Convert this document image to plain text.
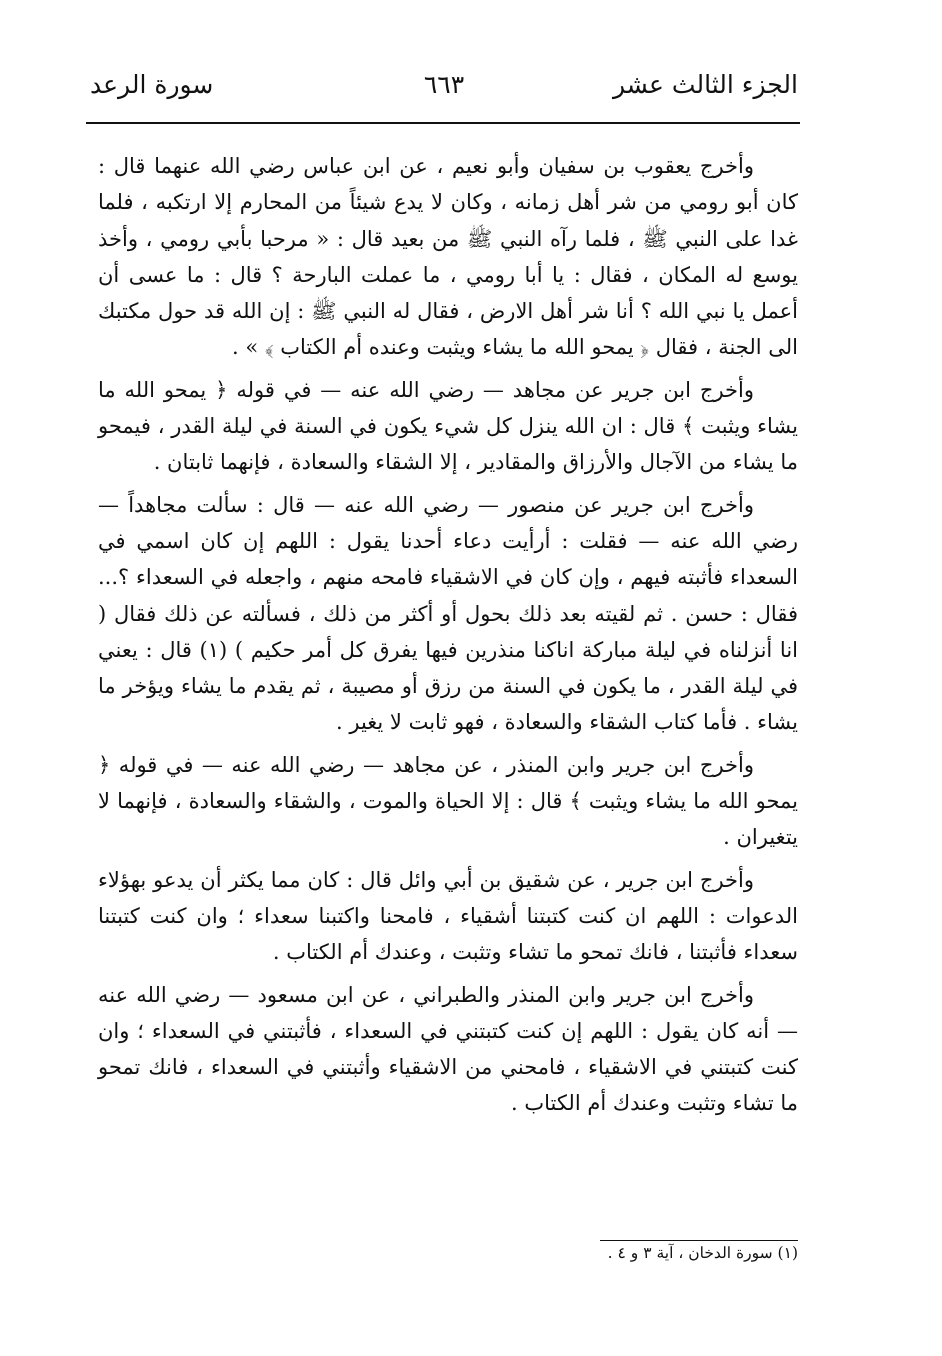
الجزء الثالث عشر
٦٦٣
سورة الرعد

وأخرج يعقوب بن سفيان وأبو نعيم ، عن ابن عباس رضي الله عنهما قال : كان أبو رومي من شر أهل زمانه ، وكان لا يدع شيئاً من المحارم إلا ارتكبه ، فلما غدا على النبي ﷺ ، فلما رآه النبي ﷺ من بعيد قال : « مرحبا بأبي رومي ، وأخذ يوسع له المكان ، فقال : يا أبا رومي ، ما عملت البارحة ؟ قال : ما عسى أن أعمل يا نبي الله ؟ أنا شر أهل الارض ، فقال له النبي ﷺ : إن الله قد حول مكتبك الى الجنة ، فقال ﴿ يمحو الله ما يشاء ويثبت وعنده أم الكتاب ﴾ » .

وأخرج ابن جرير عن مجاهد — رضي الله عنه — في قوله ﴿ يمحو الله ما يشاء ويثبت ﴾ قال : ان الله ينزل كل شيء يكون في السنة في ليلة القدر ، فيمحو ما يشاء من الآجال والأرزاق والمقادير ، إلا الشقاء والسعادة ، فإنهما ثابتان .

وأخرج ابن جرير عن منصور — رضي الله عنه — قال : سألت مجاهداً — رضي الله عنه — فقلت : أرأيت دعاء أحدنا يقول : اللهم إن كان اسمي في السعداء فأثبته فيهم ، وإن كان في الاشقياء فامحه منهم ، واجعله في السعداء ؟... فقال : حسن . ثم لقيته بعد ذلك بحول أو أكثر من ذلك ، فسألته عن ذلك فقال ( انا أنزلناه في ليلة مباركة اناكنا منذرين فيها يفرق كل أمر حكيم ) (١) قال : يعني في ليلة القدر ، ما يكون في السنة من رزق أو مصيبة ، ثم يقدم ما يشاء ويؤخر ما يشاء . فأما كتاب الشقاء والسعادة ، فهو ثابت لا يغير .

وأخرج ابن جرير وابن المنذر ، عن مجاهد — رضي الله عنه — في قوله ﴿ يمحو الله ما يشاء ويثبت ﴾ قال : إلا الحياة والموت ، والشقاء والسعادة ، فإنهما لا يتغيران .

وأخرج ابن جرير ، عن شقيق بن أبي وائل قال : كان مما يكثر أن يدعو بهؤلاء الدعوات : اللهم ان كنت كتبتنا أشقياء ، فامحنا واكتبنا سعداء ؛ وان كنت كتبتنا سعداء فأثبتنا ، فانك تمحو ما تشاء وتثبت ، وعندك أم الكتاب .

وأخرج ابن جرير وابن المنذر والطبراني ، عن ابن مسعود — رضي الله عنه — أنه كان يقول : اللهم إن كنت كتبتني في السعداء ، فأثبتني في السعداء ؛ وان كنت كتبتني في الاشقياء ، فامحني من الاشقياء وأثبتني في السعداء ، فانك تمحو ما تشاء وتثبت وعندك أم الكتاب .

(١) سورة الدخان ، آية ٣ و ٤ .
